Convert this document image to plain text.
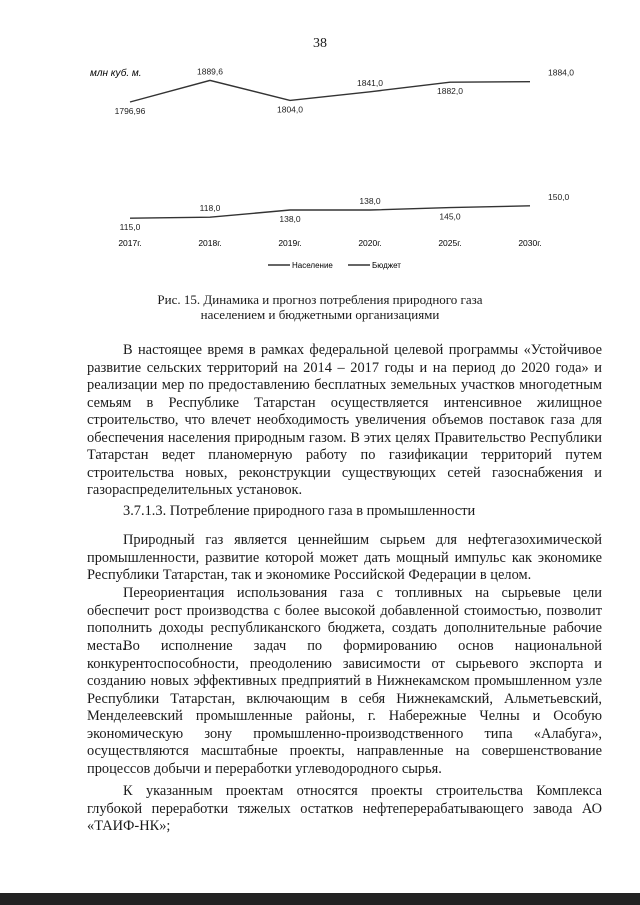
38
млн куб. м.
1796,96
1889,6
1804,0
1841,0
1882,0
1884,0
115,0
118,0
138,0
138,0
145,0
150,0
2017г.	2018г.	2019г.	2020г.	2025г.	2030г.
Население	Бюджет
Рис. 15. Динамика и прогноз потребления природного газа
населением и бюджетными организациями

В настоящее время в рамках федеральной целевой программы «Устойчивое развитие сельских территорий на 2014 – 2017 годы и на период до 2020 года» и реализации мер по предоставлению бесплатных земельных участков многодетным семьям в Республике Татарстан осуществляется интенсивное жилищное строительство, что влечет необходимость увеличения объемов поставок газа для обеспечения населения природным газом. В этих целях Правительство Республики Татарстан ведет планомерную работу по газификации территорий путем строительства новых, реконструкции существующих сетей газоснабжения и газораспределительных установок.

3.7.1.3. Потребление природного газа в промышленности

Природный газ является ценнейшим сырьем для нефтегазохимической промышленности, развитие которой может дать мощный импульс как экономике Республики Татарстан, так и экономике Российской Федерации в целом.

Переориентация использования газа с топливных на сырьевые цели обеспечит рост производства с более высокой добавленной стоимостью, позволит пополнить доходы республиканского бюджета, создать дополнительные рабочие места.

Во исполнение задач по формированию основ национальной конкурентоспособности, преодолению зависимости от сырьевого экспорта и созданию новых эффективных предприятий в Нижнекамском промышленном узле Республики Татарстан, включающим в себя Нижнекамский, Альметьевский, Менделеевский промышленные районы, г. Набережные Челны и Особую экономическую зону промышленно-производственного типа «Алабуга», осуществляются масштабные проекты, направленные на совершенствование процессов добычи и переработки углеводородного сырья.

К указанным проектам относятся проекты строительства Комплекса глубокой переработки тяжелых остатков нефтеперерабатывающего завода АО «ТАИФ-НК»;
